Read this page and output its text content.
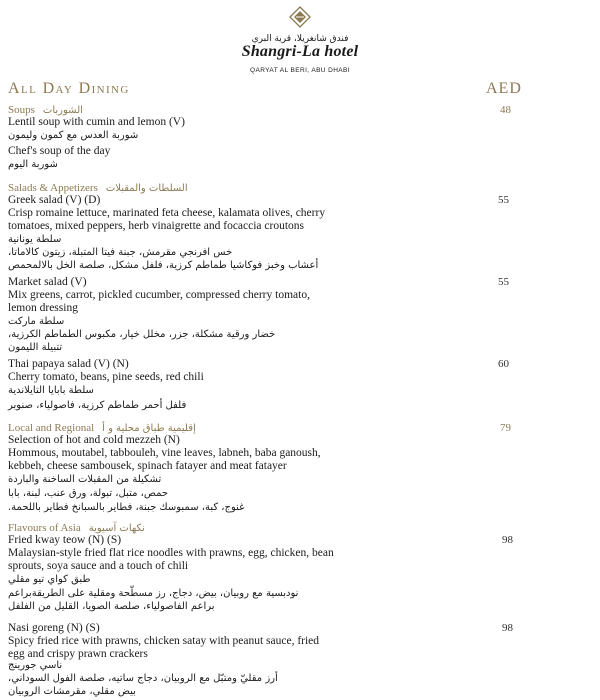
فندق شانغريلا، قرية البري
Shangri-La hotel
QARYAT AL BERI, ABU DHABI
All Day Dining	AED
Soups الشوربات	48
Lentil soup with cumin and lemon (V)
شوربة العدس مع كمون وليمون
Chef's soup of the day
شوربة اليوم
Salads & Appetizers السلطات والمقبلات
Greek salad (V) (D)	55
Crisp romaine lettuce, marinated feta cheese, kalamata olives, cherry
tomatoes, mixed peppers, herb vinaigrette and focaccia croutons
سلطة يونانية
خس افرنجي مقرمش، جبنة فيتا المتبلة، زيتون كالاماتا،
أعشاب وخبز فوكاشيا طماطم كرزية، فلفل مشكل، صلصة الخل بالالمحمص
Market salad (V)	55
Mix greens, carrot, pickled cucumber, compressed cherry tomato,
lemon dressing
سلطة ماركت
خضار ورقية مشكلة، جزر، مخلل خيار، مكبوس الطماطم الكرزية،
تتبيلة الليمون
Thai papaya salad (V) (N)	60
Cherry tomato, beans, pine seeds, red chili
سلطة بابايا التايلاندية
فلفل أحمر طماطم كرزية، فاصولياء، صنوبر
Local and Regional إقليمية طباق محلية و أ	79
Selection of hot and cold mezzeh (N)
Hommous, moutabel, tabbouleh, vine leaves, labneh, baba ganoush,
kebbeh, cheese sambousek, spinach fatayer and meat fatayer
تشكيلة من المقبلات الساخنة والباردة
حمص، متبل، تبولة، ورق عنب، لبنة، بابا
غنوج، كبة، سمبوسك جبنة، فطاير بالسبانخ فطاير باللحمة.
Flavours of Asia نكهات آسيوية
Fried kway teow (N) (S)	98
Malaysian-style fried flat rice noodles with prawns, egg, chicken, bean
sprouts, soya sauce and a touch of chili
طبق كواي تيو مقلي
نودبسية مع روبيان، بيض، دجاج، رز مسطّحة ومقلية على الطريقةبراعم
براعم الفاصولياء، صلصة الصويا، القليل من الفلفل
Nasi goreng (N) (S)	98
Spicy fried rice with prawns, chicken satay with peanut sauce, fried
egg and crispy prawn crackers
ناسي جورينج
أرز مقليّ ومتبّل مع الروبيان، دجاج ساتيه، صلصة الفول السوداني،
بيض مقلي، مقرمشات الروبيان
